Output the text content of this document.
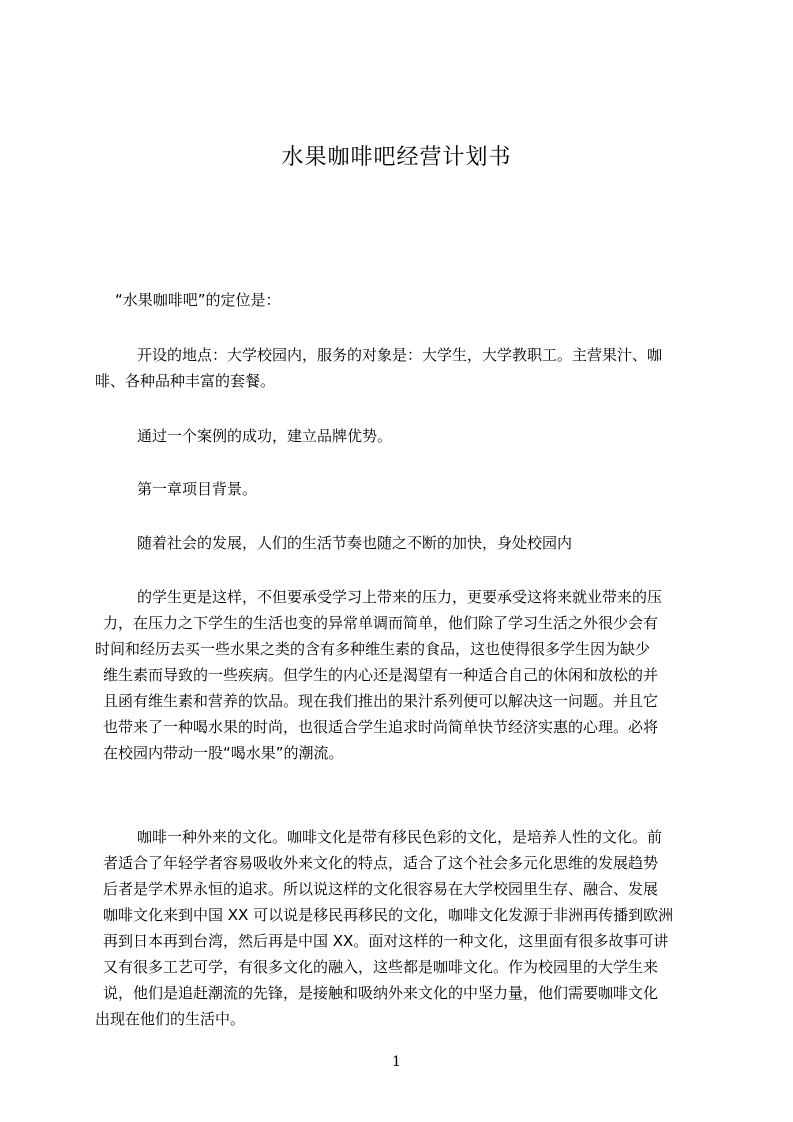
水果咖啡吧经营计划书
“水果咖啡吧”的定位是：
开设的地点：大学校园内，服务的对象是：大学生，大学教职工。主营果汁、咖
啡、各种品种丰富的套餐。
通过一个案例的成功，建立品牌优势。
第一章项目背景。
随着社会的发展，人们的生活节奏也随之不断的加快，身处校园内
的学生更是这样，不但要承受学习上带来的压力，更要承受这将来就业带来的压
力，在压力之下学生的生活也变的异常单调而简单，他们除了学习生活之外很少会有
时间和经历去买一些水果之类的含有多种维生素的食品，这也使得很多学生因为缺少
维生素而导致的一些疾病。但学生的内心还是渴望有一种适合自己的休闲和放松的并
且函有维生素和营养的饮品。现在我们推出的果汁系列便可以解决这一问题。并且它
也带来了一种喝水果的时尚，也很适合学生追求时尚简单快节经济实惠的心理。必将
在校园内带动一股“喝水果”的潮流。
咖啡一种外来的文化。咖啡文化是带有移民色彩的文化，是培养人性的文化。前
者适合了年轻学者容易吸收外来文化的特点，适合了这个社会多元化思维的发展趋势
后者是学术界永恒的追求。所以说这样的文化很容易在大学校园里生存、融合、发展
咖啡文化来到中国 XX 可以说是移民再移民的文化，咖啡文化发源于非洲再传播到欧洲
再到日本再到台湾，然后再是中国 XX。面对这样的一种文化，这里面有很多故事可讲
又有很多工艺可学，有很多文化的融入，这些都是咖啡文化。作为校园里的大学生来
说，他们是追赶潮流的先锋，是接触和吸纳外来文化的中坚力量，他们需要咖啡文化
出现在他们的生活中。
1
